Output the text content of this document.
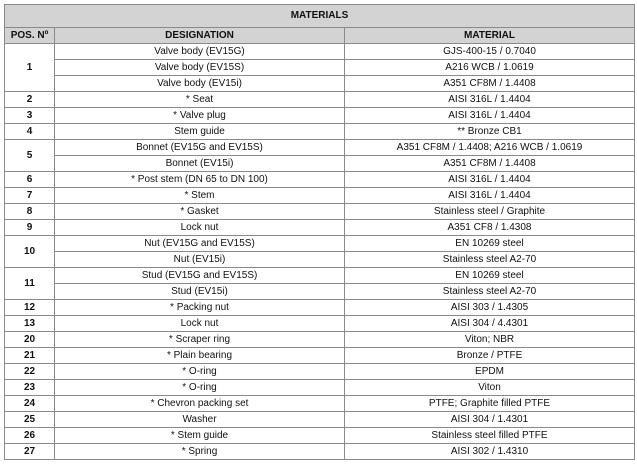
MATERIALS		
POS. Nº	DESIGNATION	MATERIAL
1	Valve body (EV15G)	GJS-400-15 / 0.7040
	Valve body (EV15S)	A216 WCB / 1.0619
	Valve body (EV15i)	A351 CF8M / 1.4408
2	* Seat	AISI 316L / 1.4404
3	* Valve plug	AISI 316L / 1.4404
4	Stem guide	** Bronze CB1
5	Bonnet (EV15G and EV15S)	A351 CF8M / 1.4408; A216 WCB / 1.0619
	Bonnet (EV15i)	A351 CF8M / 1.4408
6	* Post stem (DN 65 to DN 100)	AISI 316L / 1.4404
7	* Stem	AISI 316L / 1.4404
8	* Gasket	Stainless steel / Graphite
9	Lock nut	A351 CF8 / 1.4308
10	Nut (EV15G and EV15S)	EN 10269 steel
	Nut (EV15i)	Stainless steel A2-70
11	Stud (EV15G and EV15S)	EN 10269 steel
	Stud (EV15i)	Stainless steel A2-70
12	* Packing nut	AISI 303 / 1.4305
13	Lock nut	AISI 304 / 4.4301
20	* Scraper ring	Viton; NBR
21	* Plain bearing	Bronze / PTFE
22	* O-ring	EPDM
23	* O-ring	Viton
24	* Chevron packing set	PTFE; Graphite filled PTFE
25	Washer	AISI 304 / 1.4301
26	* Stem guide	Stainless steel filled PTFE
27	* Spring	AISI 302 / 1.4310
